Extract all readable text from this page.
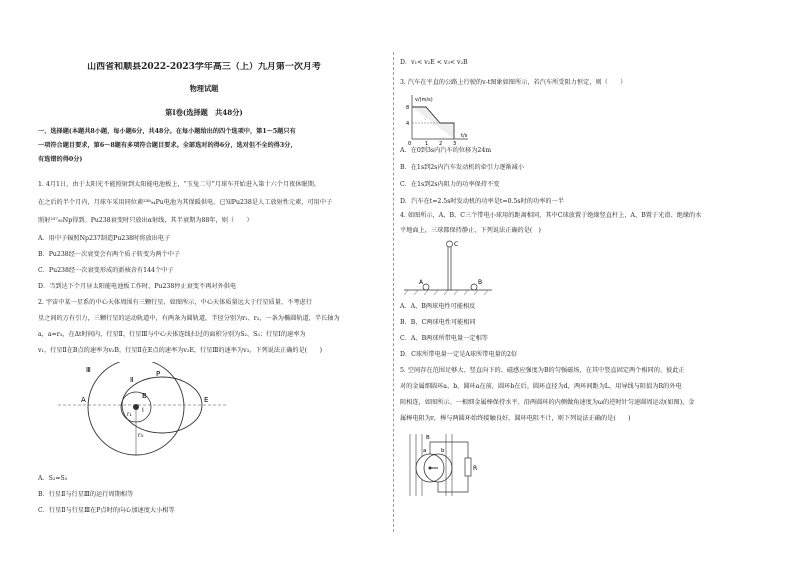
山西省和顺县2022-2023学年高三（上）九月第一次月考
物理试题
第Ⅰ卷(选择题　共48分)
一、选择题(本题共8小题，每小题6分，共48分。在每小题给出的四个选项中，第1～5题只有
一项符合题目要求，第6～8题有多项符合题目要求。全部选对的得6分，选对但不全的得3分，
有选错的得0分)
1. 4月1日，由于太阳光不能照射到太阳能电池板上，“玉兔二号”月球车开始进入第十六个月夜休眠期。
在之后的半个月内，月球车采用同位素²³⁸₉₄Pu电池为其保暖供电。已知Pu238是人工放射性元素，可用中子
照射²³⁷₉₃Np得到。Pu238衰变时只放出α射线，其半衰期为88年，则（　　）
A．用中子辐照Np237制造Pu238时将放出电子
B．Pu238经一次衰变会有两个质子转变为两个中子
C．Pu238经一次衰变形成的新核含有144个中子
D．当到达下个月昼太阳能电池板工作时，Pu238停止衰变不再对外供电
2. 宇宙中某一星系的中心天体周围有三颗行星，如图所示，中心天体质量远大于行星质量，不考虑行
星之间的万有引力，三颗行星的运动轨道中，有两条为圆轨道，半径分别为r₁、r₃，一条为椭圆轨道，半长轴为
a，a=r₃，在Δt时间内，行星Ⅱ、行星Ⅲ与中心天体连线扫过的面积分别为S₂、S₃；行星Ⅰ的速率为
v₁，行星Ⅱ在B点的速率为v₂B，行星Ⅱ在E点的速率为v₂E，行星Ⅲ的速率为v₃，下列说法正确的是(　　)
Ⅲ
Ⅱ
P
A	B	E
r₁
r₃
Ⅰ
A．S₂=S₃
B．行星Ⅱ与行星Ⅲ的运行周期相等
C．行星Ⅱ与行星Ⅲ在P点时的向心加速度大小相等
D．v₁< v₂E < v₃< v₂B
3. 汽车在平直的公路上行驶的v-t图象如图所示，若汽车所受阻力恒定，则（　　）
v/(m/s)
t/s
8
4
0	1 2 3
A．在0到3s内汽车的位移为24m
B．在1s到2s内汽车发动机的牵引力逐渐减小
C．在1s到2s内阻力的功率保持不变
D．汽车在t=2.5s时发动机的功率是t=0.5s时的功率的一半
4. 如图所示，A、B、C三个带电小球用的距离相同，其中C球放置于绝缘竖直杆上，A、B置于光滑、绝缘的水
平地面上，三球都保持静止，下列说法正确的是(　)
C
A	B
A．A、B两球电性可能相反
B．B、C两球电性可能相同
C．A、B两球所带电量一定相等
D．C球所带电量一定是A球所带电量的2倍
5. 空间存在范围足够大、竖直向下的、磁感应强度为B的匀强磁场，在其中竖直固定两个相同的、彼此正
对的金属细圆环a、b，圆环a在前，圆环b在后。圆环直径为d，两环间距为L，用导线与阻值为R的外电
阻相连，如图所示。一根细金属棒保持水平、沿两圆环的内侧做角速度为ω的逆时针匀速圆周运动(如图)，金
属棒电阻为r，棒与两圆环始终接触良好，圆环电阻不计，则下列说法正确的是(　　)
B
a	b
R
